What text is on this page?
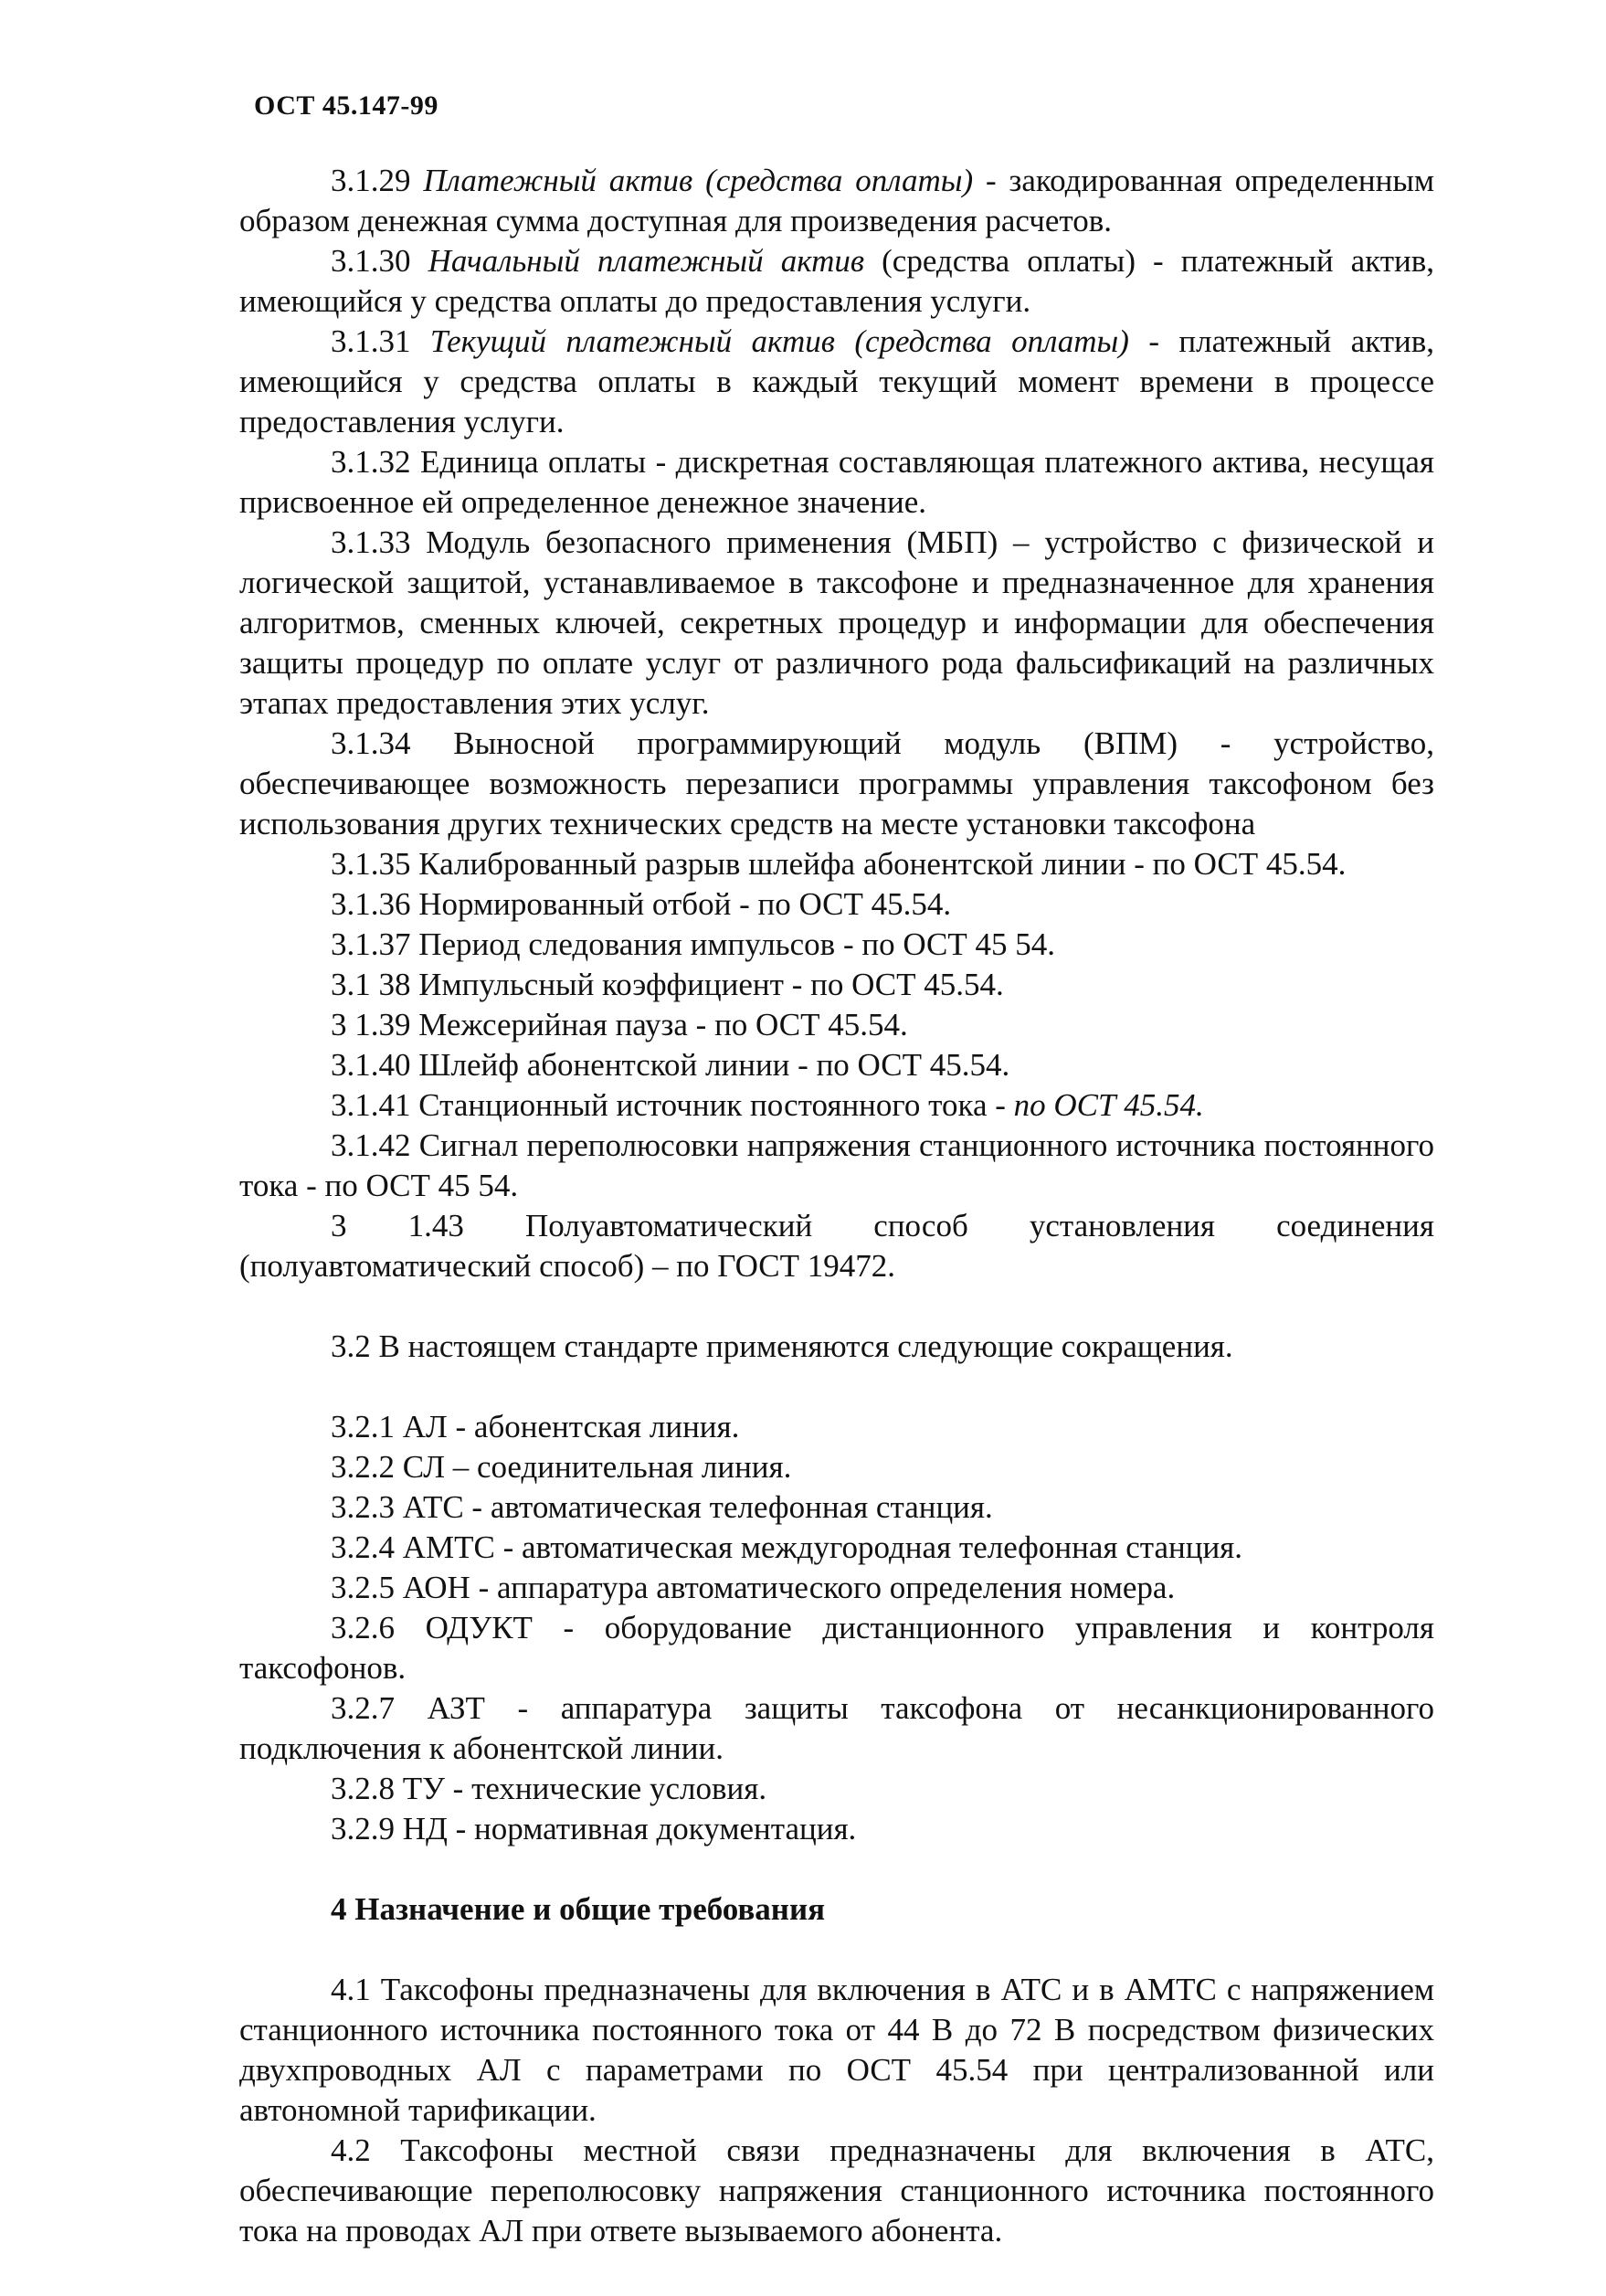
ОСТ 45.147-99

3.1.29 Платежный актив (средства оплаты) - закодированная определенным образом денежная сумма доступная для произведения расчетов.

3.1.30 Начальный платежный актив (средства оплаты) - платежный актив, имеющийся у средства оплаты до предоставления услуги.

3.1.31 Текущий платежный актив (средства оплаты) - платежный актив, имеющийся у средства оплаты в каждый текущий момент времени в процессе предоставления услуги.

3.1.32 Единица оплаты - дискретная составляющая платежного актива, несущая присвоенное ей определенное денежное значение.

3.1.33 Модуль безопасного применения (МБП) – устройство с физической и логической защитой, устанавливаемое в таксофоне и предназначенное для хранения алгоритмов, сменных ключей, секретных процедур и информации для обеспечения защиты процедур по оплате услуг от различного рода фальсификаций на различных этапах предоставления этих услуг.

3.1.34 Выносной программирующий модуль (ВПМ) - устройство, обеспечивающее возможность перезаписи программы управления таксофоном без использования других технических средств на месте установки таксофона

3.1.35 Калиброванный разрыв шлейфа абонентской линии - по ОСТ 45.54.

3.1.36 Нормированный отбой - по ОСТ 45.54.

3.1.37 Период следования импульсов - по ОСТ 45 54.

3.1 38 Импульсный коэффициент - по ОСТ 45.54.

3 1.39 Межсерийная пауза - по ОСТ 45.54.

3.1.40 Шлейф абонентской линии - по ОСТ 45.54.

3.1.41 Станционный источник постоянного тока - по ОСТ 45.54.

3.1.42 Сигнал переполюсовки напряжения станционного источника постоянного тока - по ОСТ 45 54.

3 1.43 Полуавтоматический способ установления соединения (полуавтоматический способ) – по ГОСТ 19472.

3.2 В настоящем стандарте применяются следующие сокращения.

3.2.1 АЛ - абонентская линия.

3.2.2 СЛ – соединительная линия.

3.2.3 АТС - автоматическая телефонная станция.

3.2.4 АМТС - автоматическая междугородная телефонная станция.

3.2.5 АОН - аппаратура автоматического определения номера.

3.2.6 ОДУКТ - оборудование дистанционного управления и контроля таксофонов.

3.2.7 АЗТ - аппаратура защиты таксофона от несанкционированного подключения к абонентской линии.

3.2.8 ТУ - технические условия.

3.2.9 НД - нормативная документация.

4 Назначение и общие требования

4.1 Таксофоны предназначены для включения в АТС и в АМТС с напряжением станционного источника постоянного тока от 44 В до 72 В посредством физических двухпроводных АЛ с параметрами по ОСТ 45.54 при централизованной или автономной тарификации.

4.2 Таксофоны местной связи предназначены для включения в АТС, обеспечивающие переполюсовку напряжения станционного источника постоянного тока на проводах АЛ при ответе вызываемого абонента.
